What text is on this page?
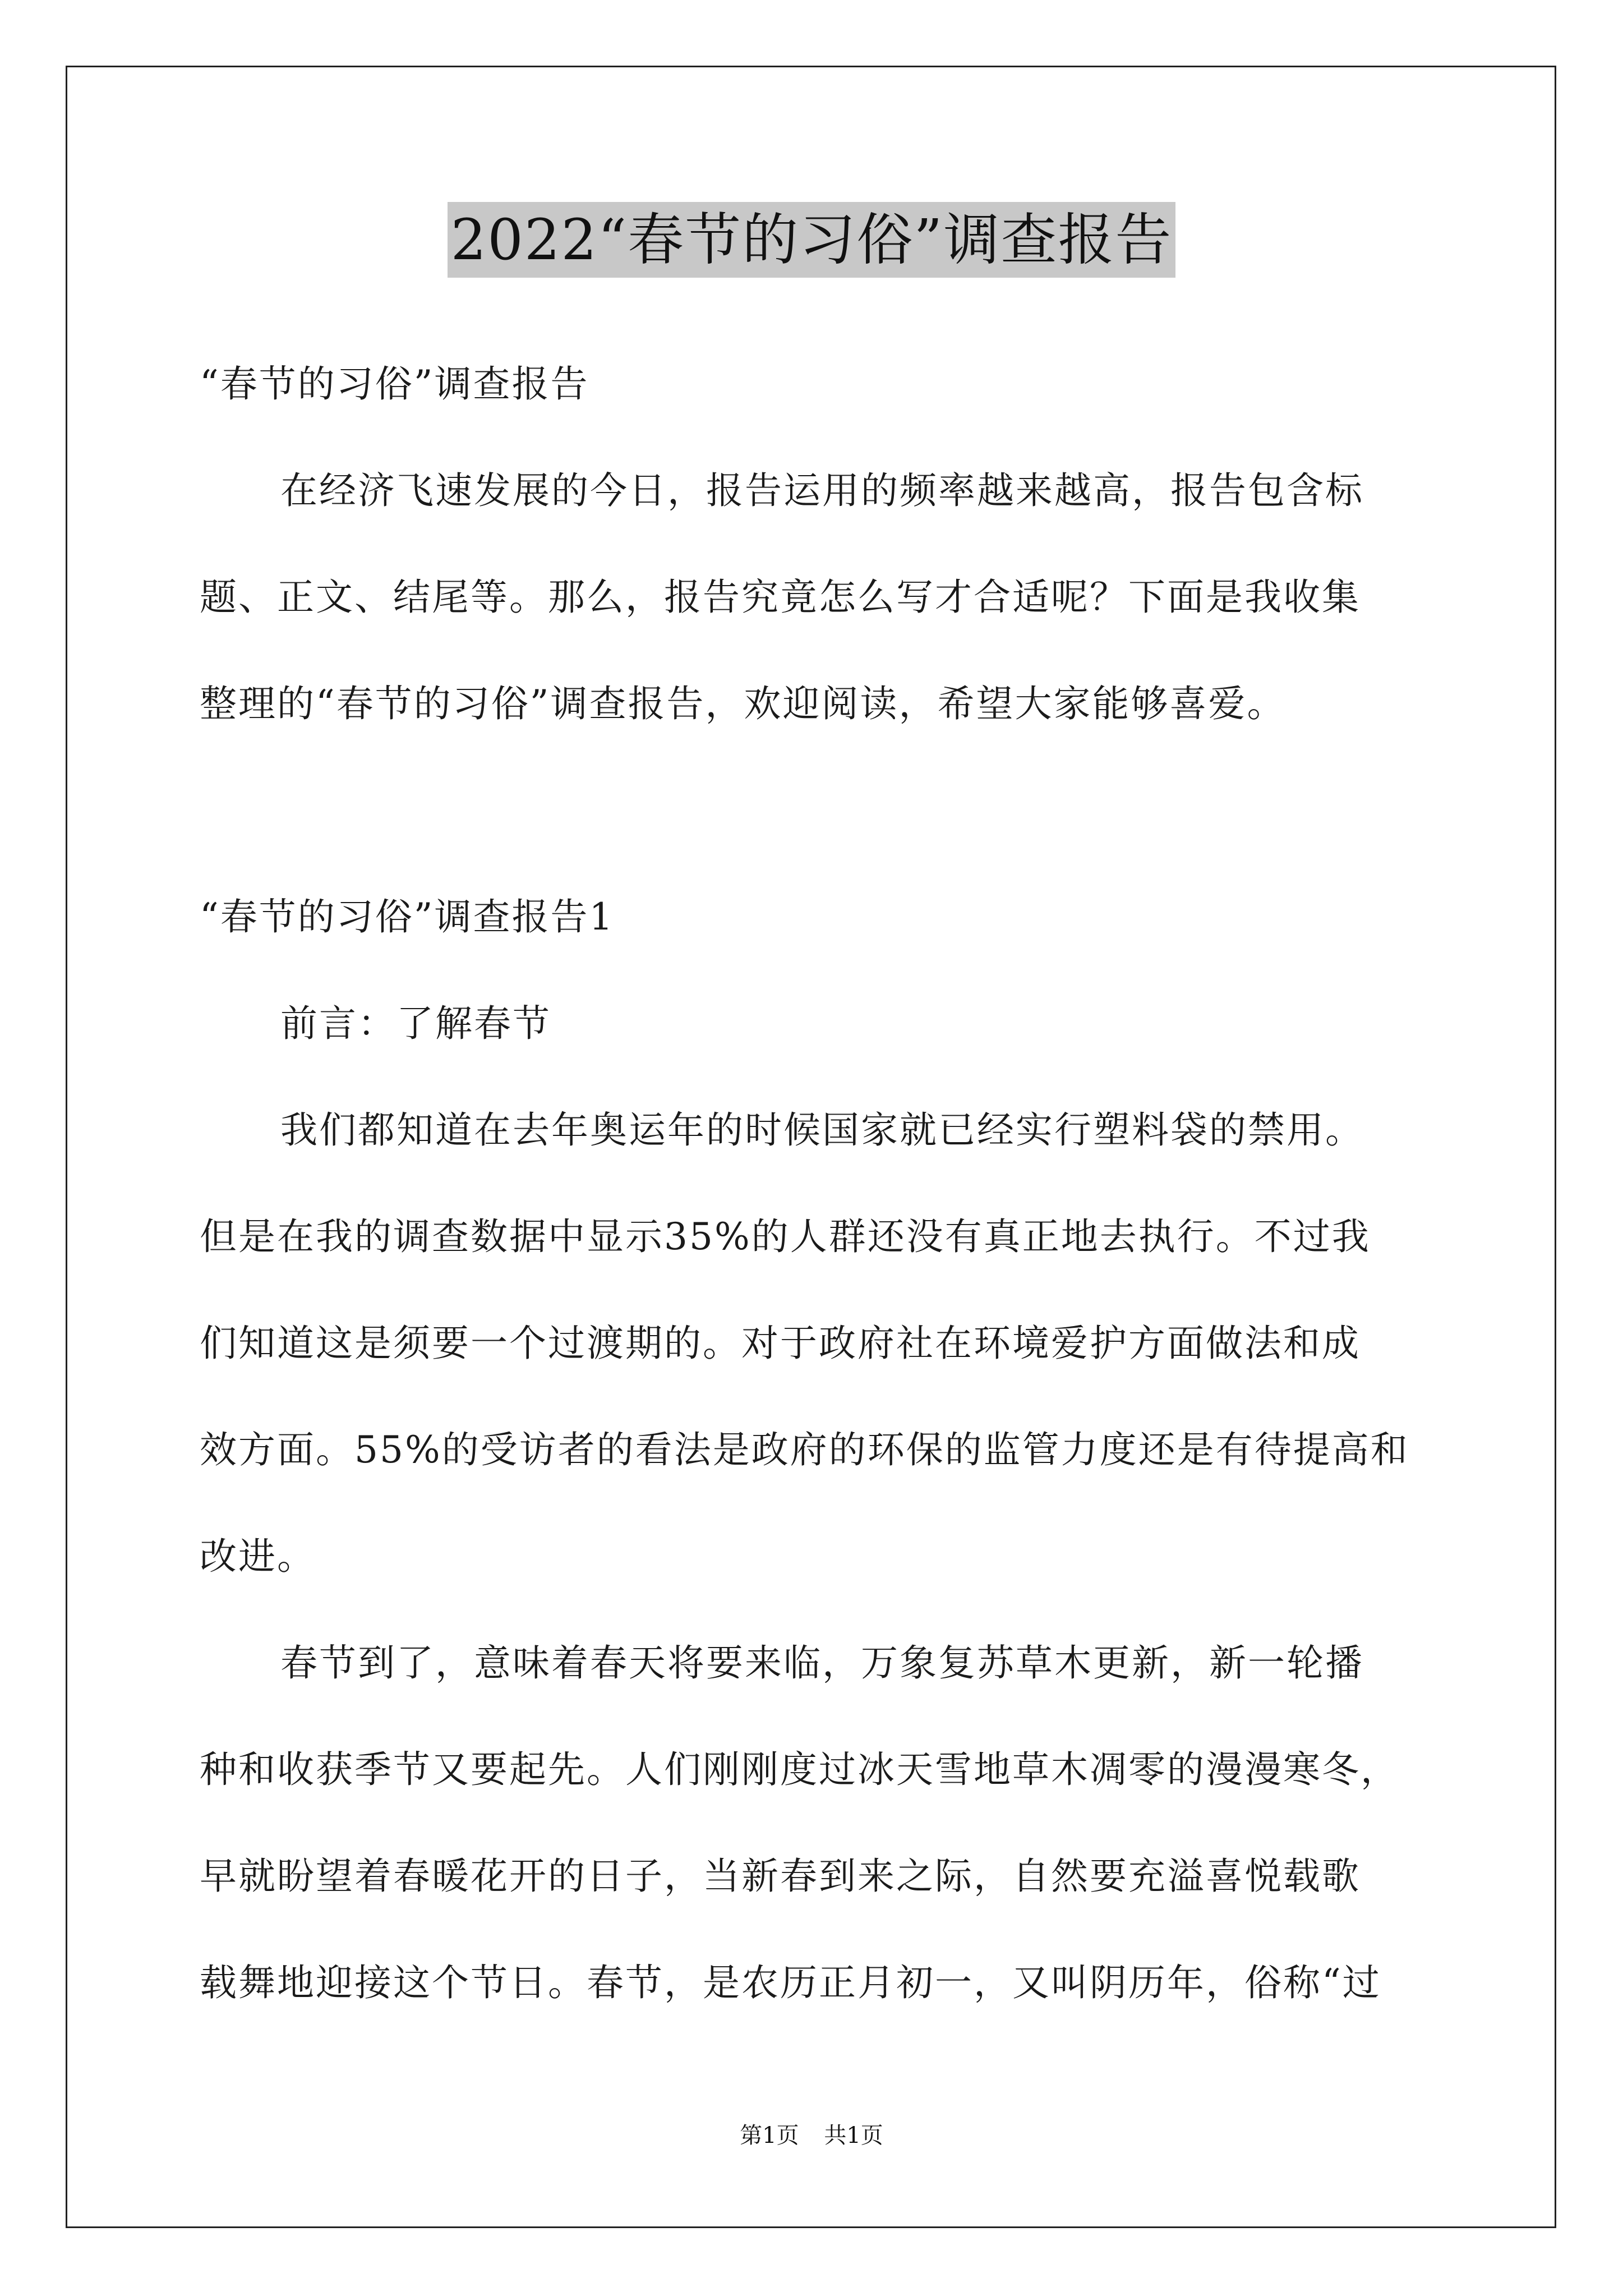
2022“春节的习俗”调查报告

“春节的习俗”调查报告

在经济飞速发展的今日，报告运用的频率越来越高，报告包含标

题、正文、结尾等。那么，报告究竟怎么写才合适呢？下面是我收集

整理的“春节的习俗”调查报告，欢迎阅读，希望大家能够喜爱。

“春节的习俗”调查报告1

前言：了解春节

我们都知道在去年奥运年的时候国家就已经实行塑料袋的禁用。

但是在我的调查数据中显示35%的人群还没有真正地去执行。不过我

们知道这是须要一个过渡期的。对于政府社在环境爱护方面做法和成

效方面。55%的受访者的看法是政府的环保的监管力度还是有待提高和

改进。

春节到了，意味着春天将要来临，万象复苏草木更新，新一轮播

种和收获季节又要起先。人们刚刚度过冰天雪地草木凋零的漫漫寒冬，

早就盼望着春暖花开的日子，当新春到来之际，自然要充溢喜悦载歌

载舞地迎接这个节日。春节，是农历正月初一，又叫阴历年，俗称“过

第1页 共1页
